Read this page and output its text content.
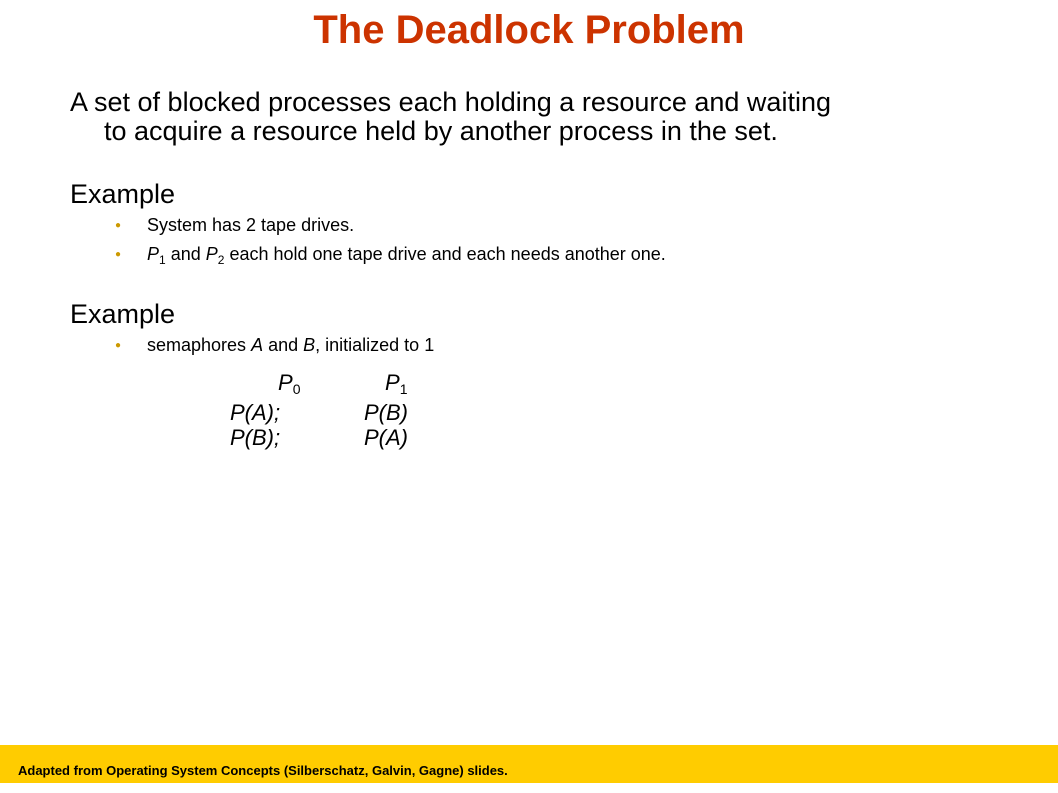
The Deadlock Problem
A set of blocked processes each holding a resource and waiting
to acquire a resource held by another process in the set.
Example
● System has 2 tape drives.
● $P_1$ and $P_2$ each hold one tape drive and each needs another one.
Example
● semaphores A and B, initialized to 1
$P_0$	$P_1$
P(A);	P(B)
P(B);	P(A)
Adapted from Operating System Concepts (Silberschatz, Galvin, Gagne) slides.
